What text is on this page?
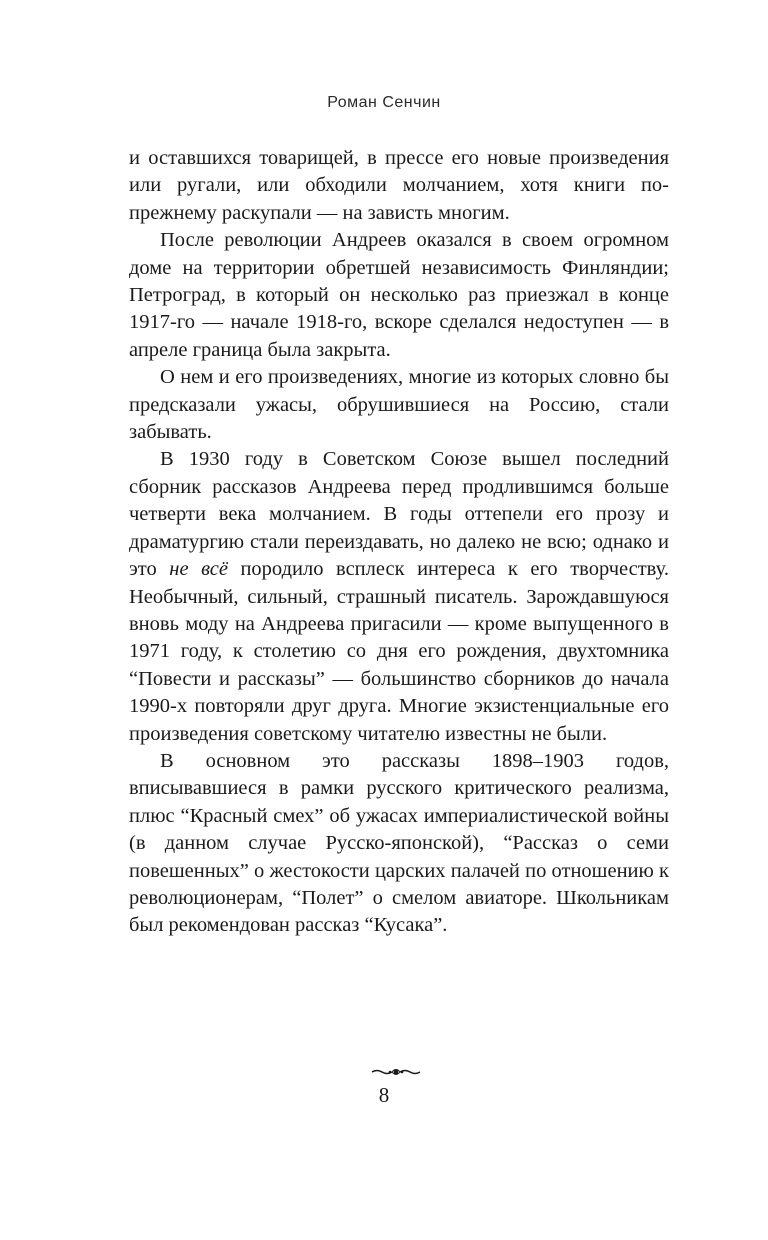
Роман Сенчин

и оставшихся товарищей, в прессе его новые произведения или ругали, или обходили молчанием, хотя книги по-прежнему раскупали — на зависть многим.

После революции Андреев оказался в своем огромном доме на территории обретшей независимость Финляндии; Петроград, в который он несколько раз приезжал в конце 1917-го — начале 1918-го, вскоре сделался недоступен — в апреле граница была закрыта.

О нем и его произведениях, многие из которых словно бы предсказали ужасы, обрушившиеся на Россию, стали забывать.

В 1930 году в Советском Союзе вышел последний сборник рассказов Андреева перед продлившимся больше четверти века молчанием. В годы оттепели его прозу и драматургию стали переиздавать, но далеко не всю; однако и это не всё породило всплеск интереса к его творчеству. Необычный, сильный, страшный писатель. Зарождавшуюся вновь моду на Андреева пригасили — кроме выпущенного в 1971 году, к столетию со дня его рождения, двухтомника “Повести и рассказы” — большинство сборников до начала 1990-х повторяли друг друга. Многие экзистенциальные его произведения советскому читателю известны не были.

В основном это рассказы 1898–1903 годов, вписывавшиеся в рамки русского критического реализма, плюс “Красный смех” об ужасах империалистической войны (в данном случае Русско-японской), “Рассказ о семи повешенных” о жестокости царских палачей по отношению к революционерам, “Полет” о смелом авиаторе. Школьникам был рекомендован рассказ “Кусака”.

8
